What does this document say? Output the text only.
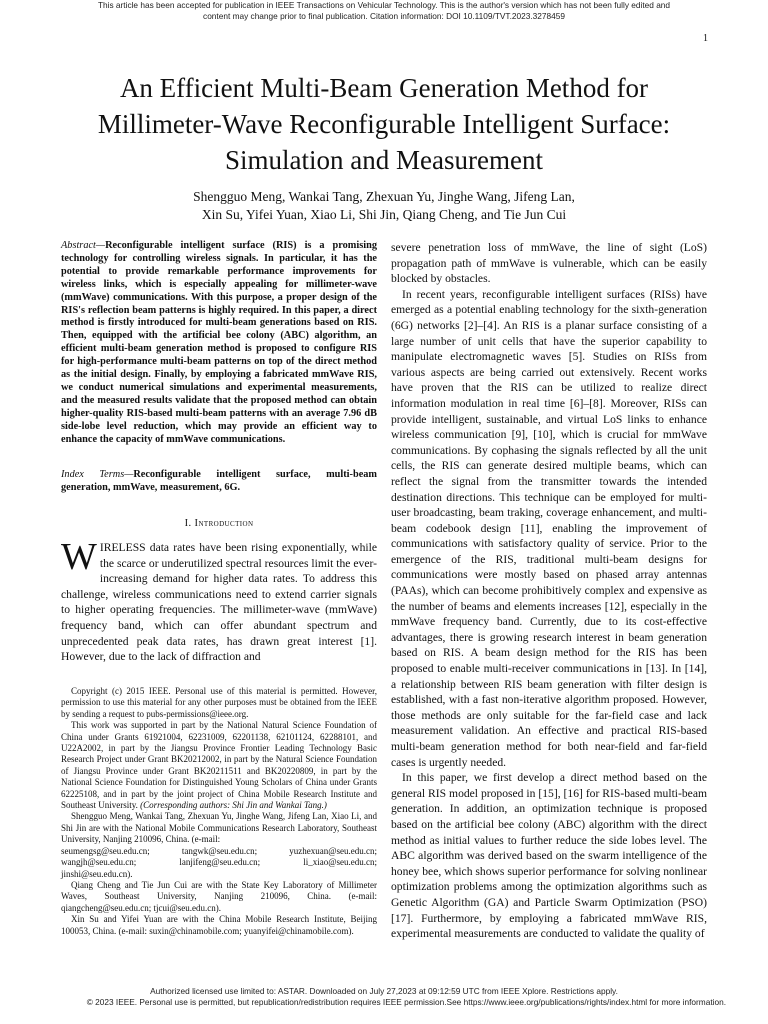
This article has been accepted for publication in IEEE Transactions on Vehicular Technology. This is the author's version which has not been fully edited and
content may change prior to final publication. Citation information: DOI 10.1109/TVT.2023.3278459
1
An Efficient Multi-Beam Generation Method for
Millimeter-Wave Reconfigurable Intelligent Surface:
Simulation and Measurement
Shengguo Meng, Wankai Tang, Zhexuan Yu, Jinghe Wang, Jifeng Lan,
Xin Su, Yifei Yuan, Xiao Li, Shi Jin, Qiang Cheng, and Tie Jun Cui
Abstract—Reconfigurable intelligent surface (RIS) is a promising technology for controlling wireless signals. In particular, it has the potential to provide remarkable performance improvements for wireless links, which is especially appealing for millimeter-wave (mmWave) communications. With this purpose, a proper design of the RIS's reflection beam patterns is highly required. In this paper, a direct method is firstly introduced for multi-beam generations based on RIS. Then, equipped with the artificial bee colony (ABC) algorithm, an efficient multi-beam generation method is proposed to configure RIS for high-performance multi-beam patterns on top of the direct method as the initial design. Finally, by employing a fabricated mmWave RIS, we conduct numerical simulations and experimental measurements, and the measured results validate that the proposed method can obtain higher-quality RIS-based multi-beam patterns with an average 7.96 dB side-lobe level reduction, which may provide an efficient way to enhance the capacity of mmWave communications.
Index Terms—Reconfigurable intelligent surface, multi-beam generation, mmWave, measurement, 6G.
I. Introduction
WIRELESS data rates have been rising exponentially, while the scarce or underutilized spectral resources limit the ever-increasing demand for higher data rates. To address this challenge, wireless communications need to extend carrier signals to higher operating frequencies. The millimeter-wave (mmWave) frequency band, which can offer abundant spectrum and unprecedented peak data rates, has drawn great interest [1]. However, due to the lack of diffraction and

Copyright (c) 2015 IEEE. Personal use of this material is permitted. However, permission to use this material for any other purposes must be obtained from the IEEE by sending a request to pubs-permissions@ieee.org.

This work was supported in part by the National Natural Science Foundation of China under Grants 61921004, 62231009, 62201138, 62101124, 62288101, and U22A2002, in part by the Jiangsu Province Frontier Leading Technology Basic Research Project under Grant BK20212002, in part by the Natural Science Foundation of Jiangsu Province under Grant BK20211511 and BK20220809, in part by the National Science Foundation for Distinguished Young Scholars of China under Grants 62225108, and in part by the joint project of China Mobile Research Institute and Southeast University. (Corresponding authors: Shi Jin and Wankai Tang.)

Shengguo Meng, Wankai Tang, Zhexuan Yu, Jinghe Wang, Jifeng Lan, Xiao Li, and Shi Jin are with the National Mobile Communications Research Laboratory, Southeast University, Nanjing 210096, China. (e-mail:

seumengsg@seu.edu.cn;	tangwk@seu.edu.cn;	yuzhexuan@seu.edu.cn;
wangjh@seu.edu.cn;	lanjifeng@seu.edu.cn;	li_xiao@seu.edu.cn;
jinshi@seu.edu.cn).

Qiang Cheng and Tie Jun Cui are with the State Key Laboratory of Millimeter Waves, Southeast University, Nanjing 210096, China. (e-mail: qiangcheng@seu.edu.cn; tjcui@seu.edu.cn).

Xin Su and Yifei Yuan are with the China Mobile Research Institute, Beijing 100053, China. (e-mail: suxin@chinamobile.com; yuanyifei@chinamobile.com).

severe penetration loss of mmWave, the line of sight (LoS) propagation path of mmWave is vulnerable, which can be easily blocked by obstacles.

In recent years, reconfigurable intelligent surfaces (RISs) have emerged as a potential enabling technology for the sixth-generation (6G) networks [2]–[4]. An RIS is a planar surface consisting of a large number of unit cells that have the superior capability to manipulate electromagnetic waves [5]. Studies on RISs from various aspects are being carried out extensively. Recent works have proven that the RIS can be utilized to realize direct information modulation in real time [6]–[8]. Moreover, RISs can provide intelligent, sustainable, and virtual LoS links to enhance wireless communication [9], [10], which is crucial for mmWave communications. By cophasing the signals reflected by all the unit cells, the RIS can generate desired multiple beams, which can reflect the signal from the transmitter towards the intended destination directions. This technique can be employed for multi-user broadcasting, beam traking, coverage enhancement, and multi-beam codebook design [11], enabling the improvement of communications with satisfactory quality of service. Prior to the emergence of the RIS, traditional multi-beam designs for communications were mostly based on phased array antennas (PAAs), which can become prohibitively complex and expensive as the number of beams and elements increases [12], especially in the mmWave frequency band. Currently, due to its cost-effective advantages, there is growing research interest in beam generation based on RIS. A beam design method for the RIS has been proposed to enable multi-receiver communications in [13]. In [14], a relationship between RIS beam generation with filter design is established, with a fast non-iterative algorithm proposed. However, those methods are only suitable for the far-field case and lack measurement validation. An effective and practical RIS-based multi-beam generation method for both near-field and far-field cases is urgently needed.

In this paper, we first develop a direct method based on the general RIS model proposed in [15], [16] for RIS-based multi-beam generation. In addition, an optimization technique is proposed based on the artificial bee colony (ABC) algorithm with the direct method as initial values to further reduce the side lobes level. The ABC algorithm was derived based on the swarm intelligence of the honey bee, which shows superior performance for solving nonlinear optimization problems among the optimization algorithms such as Genetic Algorithm (GA) and Particle Swarm Optimization (PSO) [17]. Furthermore, by employing a fabricated mmWave RIS, experimental measurements are conducted to validate the quality of

Authorized licensed use limited to: ASTAR. Downloaded on July 27,2023 at 09:12:59 UTC from IEEE Xplore. Restrictions apply.
© 2023 IEEE. Personal use is permitted, but republication/redistribution requires IEEE permission.See https://www.ieee.org/publications/rights/index.html for more information.
